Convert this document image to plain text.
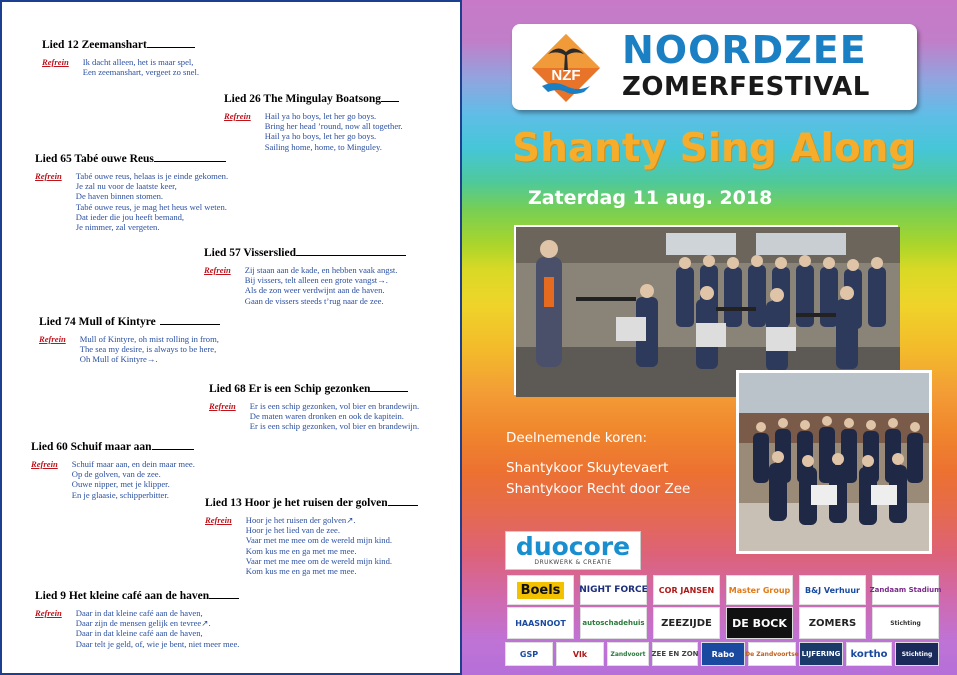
Lied 12 Zeemanshart
Refrein Ik dacht alleen, het is maar spel,
Een zeemanshart, vergeet zo snel.
Lied 26 The Mingulay Boatsong
Refrein Hail ya ho boys, let her go boys.
Bring her head ’round, now all together.
Hail ya ho boys, let her go boys.
Sailing home, home, to Minguley.
Lied 65 Tabé ouwe Reus
Refrein Tabé ouwe reus, helaas is je einde gekomen.
Je zal nu voor de laatste keer,
De haven binnen stomen.
Tabé ouwe reus, je mag het heus wel weten.
Dat ieder die jou heeft bemand,
Je nimmer, zal vergeten.
Lied 57 Visserslied
Refrein Zij staan aan de kade, en hebben vaak angst.
Bij vissers, telt alleen een grote vangst→.
Als de zon weer verdwijnt aan de haven.
Gaan de vissers steeds t’rug naar de zee.
Lied 74 Mull of Kintyre
Refrein Mull of Kintyre, oh mist rolling in from,
The sea my desire, is always to be here,
Oh Mull of Kintyre→.
Lied 68 Er is een Schip gezonken
Refrein Er is een schip gezonken, vol bier en brandewijn.
De maten waren dronken en ook de kapitein.
Er is een schip gezonken, vol bier en brandewijn.
Lied 60 Schuif maar aan
Refrein Schuif maar aan, en dein maar mee.
Op de golven, van de zee.
Ouwe nipper, met je klipper.
En je glaasie, schipperbitter.
Lied 13 Hoor je het ruisen der golven
Refrein Hoor je het ruisen der golven↗.
Hoor je het lied van de zee.
Vaar met me mee om de wereld mijn kind.
Kom kus me en ga met me mee.
Vaar met me mee om de wereld mijn kind.
Kom kus me en ga met me mee.
Lied 9 Het kleine café aan de haven
Refrein Daar in dat kleine café aan de haven,
Daar zijn de mensen gelijk en tevree↗.
Daar in dat kleine café aan de haven,
Daar telt je geld, of, wie je bent, niet meer mee.
NZF
NOORDZEE
ZOMERFESTIVAL
Shanty Sing Along
Zaterdag 11 aug. 2018
Deelnemende koren:
Shantykoor Skuytevaert
Shantykoor Recht door Zee
duocore
DRUKWERK & CREATIE
Boels	NIGHT FORCE COR JANSEN Master Group B&J Verhuur Zandaam Stadium
HAASNOOT autoschadehuis ZEEZIJDE DE BOCK ZOMERS	Stichting
GSP	Vlk	Zandvoort ZEE EN ZON Rabo De Zandvoortse LIJFERING kortho Stichting
